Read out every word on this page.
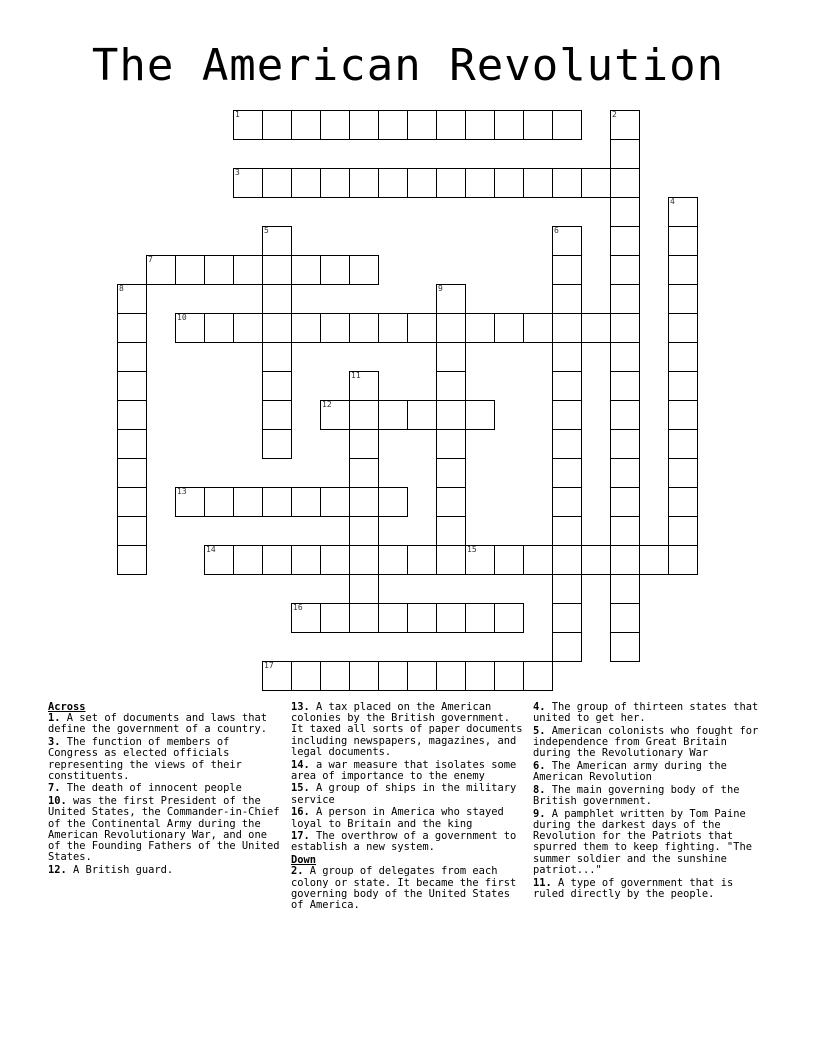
The American Revolution
1	2
3
4
5	6
7
8	9
10
11
12
13
14	15
16
17
Across
1. A set of documents and laws that define the government of a country.
3. The function of members of Congress as elected officials representing the views of their constituents.
7. The death of innocent people
10. was the first President of the United States, the Commander-in-Chief of the Continental Army during the American Revolutionary War, and one of the Founding Fathers of the United States.
12. A British guard.
13. A tax placed on the American colonies by the British government. It taxed all sorts of paper documents including newspapers, magazines, and legal documents.
14. a war measure that isolates some area of importance to the enemy
15. A group of ships in the military service
16. A person in America who stayed loyal to Britain and the king
17. The overthrow of a government to establish a new system.
Down
2. A group of delegates from each colony or state. It became the first governing body of the United States of America.
4. The group of thirteen states that united to get her.
5. American colonists who fought for independence from Great Britain during the Revolutionary War
6. The American army during the American Revolution
8. The main governing body of the British government.
9. A pamphlet written by Tom Paine during the darkest days of the Revolution for the Patriots that spurred them to keep fighting. "The summer soldier and the sunshine patriot..."
11. A type of government that is ruled directly by the people.
